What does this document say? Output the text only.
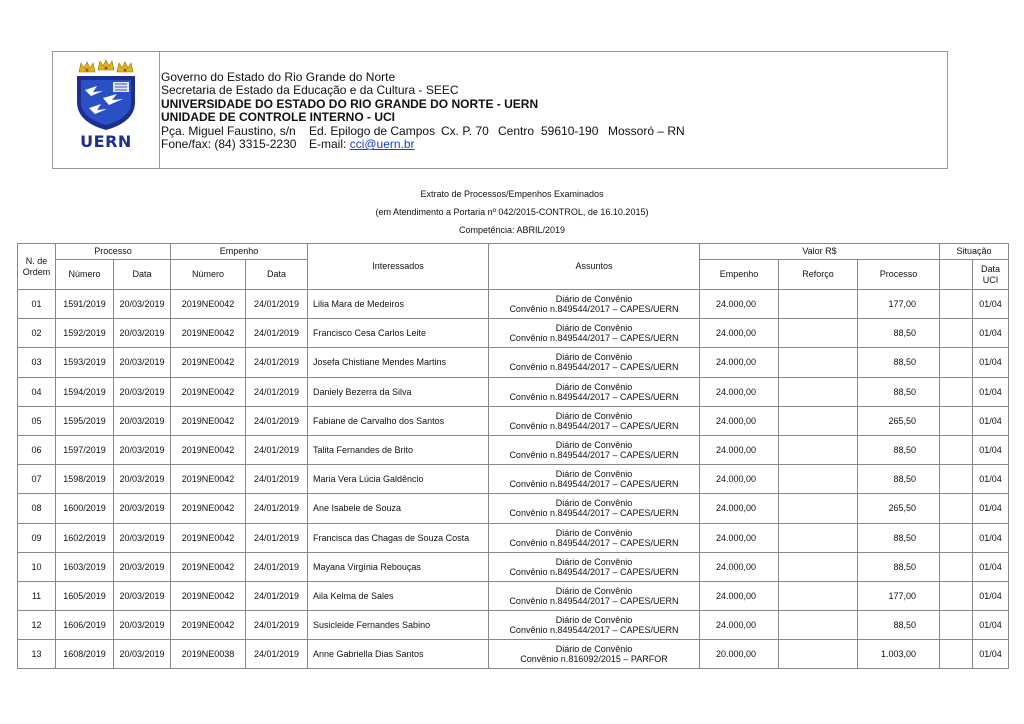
UERN
Governo do Estado do Rio Grande do Norte
Secretaria de Estado da Educação e da Cultura - SEEC
UNIVERSIDADE DO ESTADO DO RIO GRANDE DO NORTE - UERN
UNIDADE DE CONTROLE INTERNO - UCI
Pça. Miguel Faustino, s/n Ed. Epilogo de Campos Cx. P. 70 Centro 59610-190 Mossoró – RN
Fone/fax: (84) 3315-2230 E-mail: cci@uern.br
Extrato de Processos/Empenhos Examinados
(em Atendimento a Portaria nº 042/2015-CONTROL, de 16.10.2015)
Competência: ABRIL/2019
N. de Ordem	Processo		Empenho		Interessados	Assuntos	Valor R$			Situação	
	Número	Data	Número	Data			Empenho	Reforço	Processo		Data UCI
01	1591/2019	20/03/2019	2019NE0042	24/01/2019	Lilia Mara de Medeiros	Diário de Convênio
Convênio n.849544/2017 – CAPES/UERN	24.000,00		177,00		01/04
02	1592/2019	20/03/2019	2019NE0042	24/01/2019	Francisco Cesa Carlos Leite	Diário de Convênio
Convênio n.849544/2017 – CAPES/UERN	24.000,00		88,50		01/04
03	1593/2019	20/03/2019	2019NE0042	24/01/2019	Josefa Chistiane Mendes Martins	Diário de Convênio
Convênio n.849544/2017 – CAPES/UERN	24.000,00		88,50		01/04
04	1594/2019	20/03/2019	2019NE0042	24/01/2019	Daniely Bezerra da Silva	Diário de Convênio
Convênio n.849544/2017 – CAPES/UERN	24.000,00		88,50		01/04
05	1595/2019	20/03/2019	2019NE0042	24/01/2019	Fabiane de Carvalho dos Santos	Diário de Convênio
Convênio n.849544/2017 – CAPES/UERN	24.000,00		265,50		01/04
06	1597/2019	20/03/2019	2019NE0042	24/01/2019	Talita Fernandes de Brito	Diário de Convênio
Convênio n.849544/2017 – CAPES/UERN	24.000,00		88,50		01/04
07	1598/2019	20/03/2019	2019NE0042	24/01/2019	Maria Vera Lúcia Galdêncio	Diário de Convênio
Convênio n.849544/2017 – CAPES/UERN	24.000,00		88,50		01/04
08	1600/2019	20/03/2019	2019NE0042	24/01/2019	Ane Isabele de Souza	Diário de Convênio
Convênio n.849544/2017 – CAPES/UERN	24.000,00		265,50		01/04
09	1602/2019	20/03/2019	2019NE0042	24/01/2019	Francisca das Chagas de Souza Costa	Diário de Convênio
Convênio n.849544/2017 – CAPES/UERN	24.000,00		88,50		01/04
10	1603/2019	20/03/2019	2019NE0042	24/01/2019	Mayana Virgínia Rebouças	Diário de Convênio
Convênio n.849544/2017 – CAPES/UERN	24.000,00		88,50		01/04
11	1605/2019	20/03/2019	2019NE0042	24/01/2019	Aila Kelma de Sales	Diário de Convênio
Convênio n.849544/2017 – CAPES/UERN	24.000,00		177,00		01/04
12	1606/2019	20/03/2019	2019NE0042	24/01/2019	Susicleide Fernandes Sabino	Diário de Convênio
Convênio n.849544/2017 – CAPES/UERN	24.000,00		88,50		01/04
13	1608/2019	20/03/2019	2019NE0038	24/01/2019	Anne Gabriella Dias Santos	Diário de Convênio
Convênio n.816092/2015 – PARFOR	20.000,00		1.003,00		01/04
